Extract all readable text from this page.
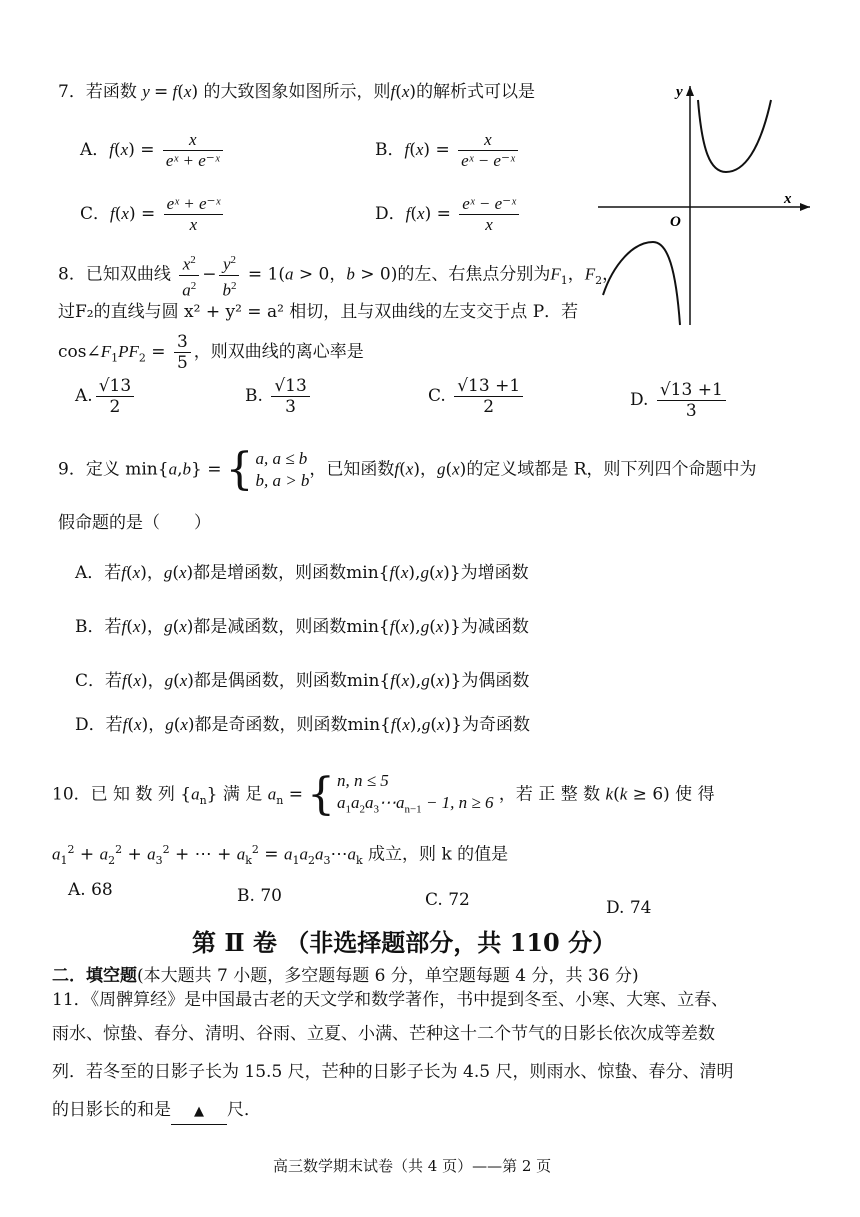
7．若函数 y = f(x) 的大致图象如图所示，则f(x)的解析式可以是
A．$f(x) = \frac{x}{\text{eˣ + e⁻ˣ}}$	B．$f(x) = \frac{x}{\text{eˣ − e⁻ˣ}}$
C．$f(x) = \frac{\text{eˣ + e⁻ˣ}}{x}$	D．$f(x) = \frac{\text{eˣ − e⁻ˣ}}{x}$
y
x
O
8．已知双曲线 $\frac{x^2}{a^2} - \frac{y^2}{b^2} = 1(a > 0$，b > 0)的左、右焦点分别为$F_1$，$F_2$，
过F₂的直线与圆 x² + y² = a² 相切，且与双曲线的左支交于点 P．若
$\cos\angle F_1PF_2 = \frac{3}{5}$ ，则双曲线的离心率是
A. $\frac{√13}{2}$	B. $\frac{√13}{3}$	C. $\frac{√13 +1}{2}$	D. $\frac{√13 +1}{3}$
9．定义 min{a,b} ={ a, a ≤ b
b, a > b
，已知函数f(x)，g(x)的定义域都是 R，则下列四个命题中为
假命题的是（　　）
A．若f(x)，g(x)都是增函数，则函数min{f(x),g(x)}为增函数
B．若f(x)，g(x)都是减函数，则函数min{f(x),g(x)}为减函数
C．若f(x)，g(x)都是偶函数，则函数min{f(x),g(x)}为偶函数
D．若f(x)，g(x)都是奇函数，则函数min{f(x),g(x)}为奇函数
10．已 知 数 列 $\{a_n\}$ 满 足 $a_n$ ={ n, n ≤ 5
$a_1a_2a_3\cdots a_{n-1} - 1$, n ≥ 6 ，若 正 整 数 k(k ≥ 6) 使 得
$a_1^2 + a_2^2 + a_3^2$ + ⋯ + $a_k^2$ = $a_1a_2a_3\cdots a_k$ 成立，则 k 的值是
A. 68	B. 70	C. 72	D. 74
第 Ⅱ 卷 （非选择题部分，共 110 分）
二．填空题(本大题共 7 小题，多空题每题 6 分，单空题每题 4 分，共 36 分)
11．《周髀算经》是中国最古老的天文学和数学著作，书中提到冬至、小寒、大寒、立春、
雨水、惊蛰、春分、清明、谷雨、立夏、小满、芒种这十二个节气的日影长依次成等差数
列．若冬至的日影子长为 15.5 尺，芒种的日影子长为 4.5 尺，则雨水、惊蛰、春分、清明
的日影长的和是 ▲ 尺．
高三数学期末试卷（共 4 页）——第 2 页
